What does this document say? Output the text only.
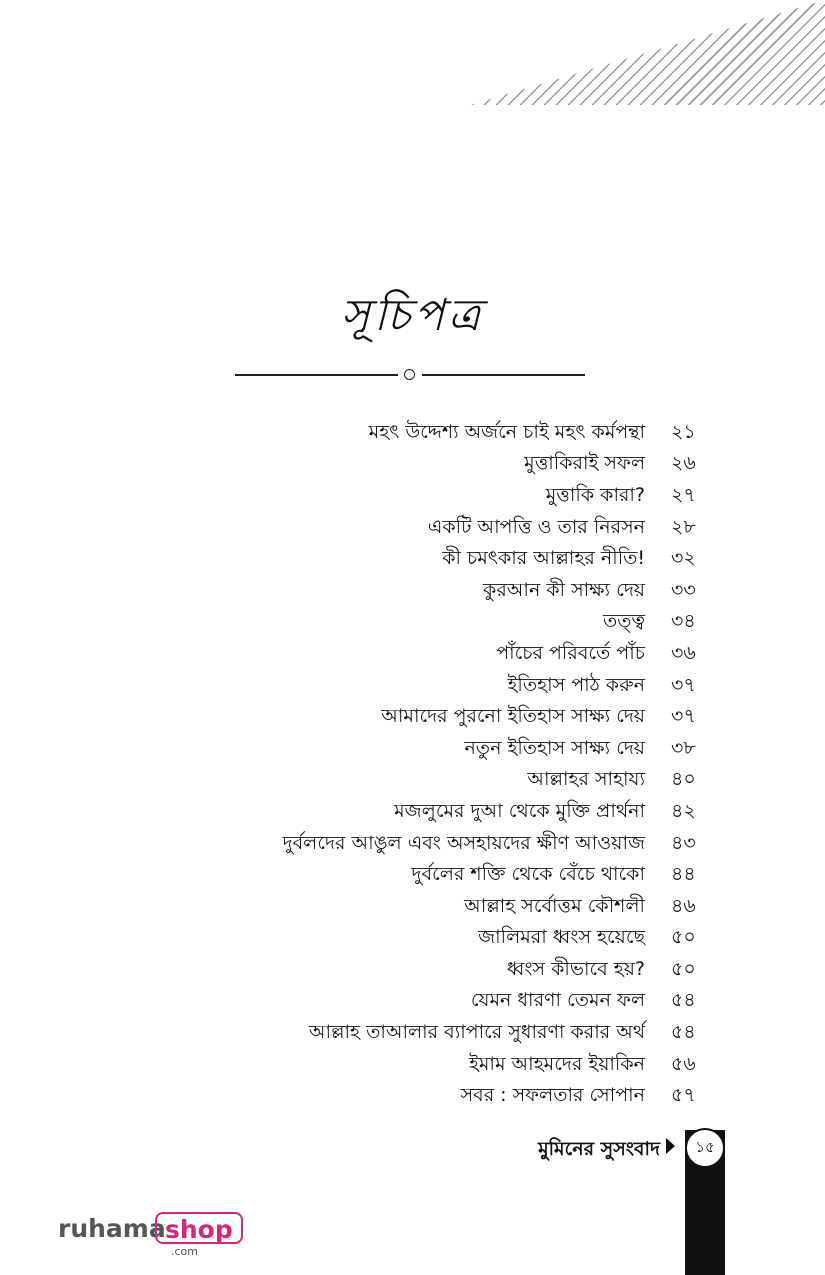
সূচিপত্র
মহৎ উদ্দেশ্য অর্জনে চাই মহৎ কর্মপন্থা	২১
মুত্তাকিরাই সফল	২৬
মুত্তাকি কারা?	২৭
একটি আপত্তি ও তার নিরসন	২৮
কী চমৎকার আল্লাহর নীতি!	৩২
কুরআন কী সাক্ষ্য দেয়	৩৩
তত্ত্ব	৩৪
পাঁচের পরিবর্তে পাঁচ	৩৬
ইতিহাস পাঠ করুন	৩৭
আমাদের পুরনো ইতিহাস সাক্ষ্য দেয়	৩৭
নতুন ইতিহাস সাক্ষ্য দেয়	৩৮
আল্লাহর সাহায্য	৪০
মজলুমের দুআ থেকে মুক্তি প্রার্থনা	৪২
দুর্বলদের আঙুল এবং অসহায়দের ক্ষীণ আওয়াজ	৪৩
দুর্বলের শক্তি থেকে বেঁচে থাকো	৪৪
আল্লাহ সর্বোত্তম কৌশলী	৪৬
জালিমরা ধ্বংস হয়েছে	৫০
ধ্বংস কীভাবে হয়?	৫০
যেমন ধারণা তেমন ফল	৫৪
আল্লাহ তাআলার ব্যাপারে সুধারণা করার অর্থ	৫৪
ইমাম আহমদের ইয়াকিন	৫৬
সবর : সফলতার সোপান	৫৭
মুমিনের সুসংবাদ	১৫
ruhama shop
.com
